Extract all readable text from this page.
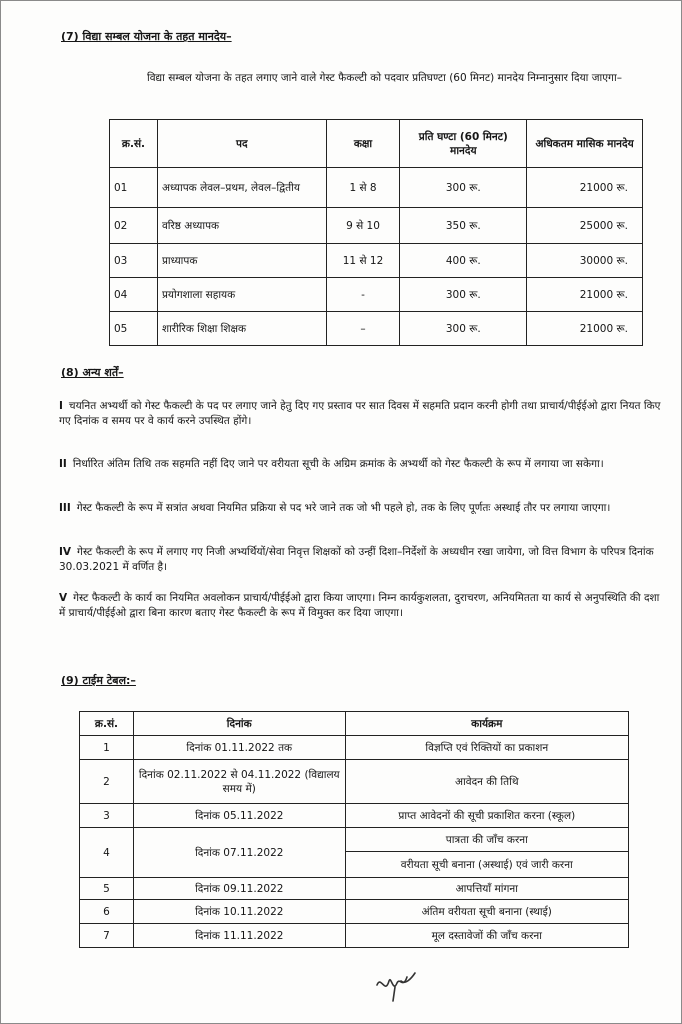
(7) विद्या सम्बल योजना के तहत मानदेय–
विद्या सम्बल योजना के तहत लगाए जाने वाले गेस्ट फैकल्टी को पदवार प्रतिघण्टा (60 मिनट) मानदेय निम्नानुसार दिया जाएगा–
क्र.सं.	पद	कक्षा	प्रति घण्टा (60 मिनट) मानदेय	अधिकतम मासिक मानदेय
01	अध्यापक लेवल–प्रथम, लेवल–द्वितीय	1 से 8	300 रू.	21000 रू.
02	वरिष्ठ अध्यापक	9 से 10	350 रू.	25000 रू.
03	प्राध्यापक	11 से 12	400 रू.	30000 रू.
04	प्रयोगशाला सहायक	-	300 रू.	21000 रू.
05	शारीरिक शिक्षा शिक्षक	–	300 रू.	21000 रू.
(8) अन्य शर्तें–
I चयनित अभ्यर्थी को गेस्ट फैकल्टी के पद पर लगाए जाने हेतु दिए गए प्रस्ताव पर सात दिवस में सहमति प्रदान करनी होगी तथा प्राचार्य/पीईईओ द्वारा नियत किए गए दिनांक व समय पर वे कार्य करने उपस्थित होंगे।
II निर्धारित अंतिम तिथि तक सहमति नहीं दिए जाने पर वरीयता सूची के अग्रिम क्रमांक के अभ्यर्थी को गेस्ट फैकल्टी के रूप में लगाया जा सकेगा।
III गेस्ट फैकल्टी के रूप में सत्रांत अथवा नियमित प्रक्रिया से पद भरे जाने तक जो भी पहले हो, तक के लिए पूर्णतः अस्थाई तौर पर लगाया जाएगा।
IV गेस्ट फैकल्टी के रूप में लगाए गए निजी अभ्यर्थियों/सेवा निवृत्त शिक्षकों को उन्हीं दिशा–निर्देशों के अध्यधीन रखा जायेगा, जो वित्त विभाग के परिपत्र दिनांक 30.03.2021 में वर्णित है।
V गेस्ट फैकल्टी के कार्य का नियमित अवलोकन प्राचार्य/पीईईओ द्वारा किया जाएगा। निम्न कार्यकुशलता, दुराचरण, अनियमितता या कार्य से अनुपस्थिति की दशा में प्राचार्य/पीईईओ द्वारा बिना कारण बताए गेस्ट फैकल्टी के रूप में विमुक्त कर दिया जाएगा।
(9) टाईम टेबल:–
क्र.सं.	दिनांक	कार्यक्रम
1	दिनांक 01.11.2022 तक	विज्ञप्ति एवं रिक्तियों का प्रकाशन
2	दिनांक 02.11.2022 से 04.11.2022 (विद्यालय समय में)	आवेदन की तिथि
3	दिनांक 05.11.2022	प्राप्त आवेदनों की सूची प्रकाशित करना (स्कूल)
4	दिनांक 07.11.2022	पात्रता की जाँच करना
		वरीयता सूची बनाना (अस्थाई) एवं जारी करना
5	दिनांक 09.11.2022	आपत्तियाँ मांगना
6	दिनांक 10.11.2022	अंतिम वरीयता सूची बनाना (स्थाई)
7	दिनांक 11.11.2022	मूल दस्तावेजों की जाँच करना
